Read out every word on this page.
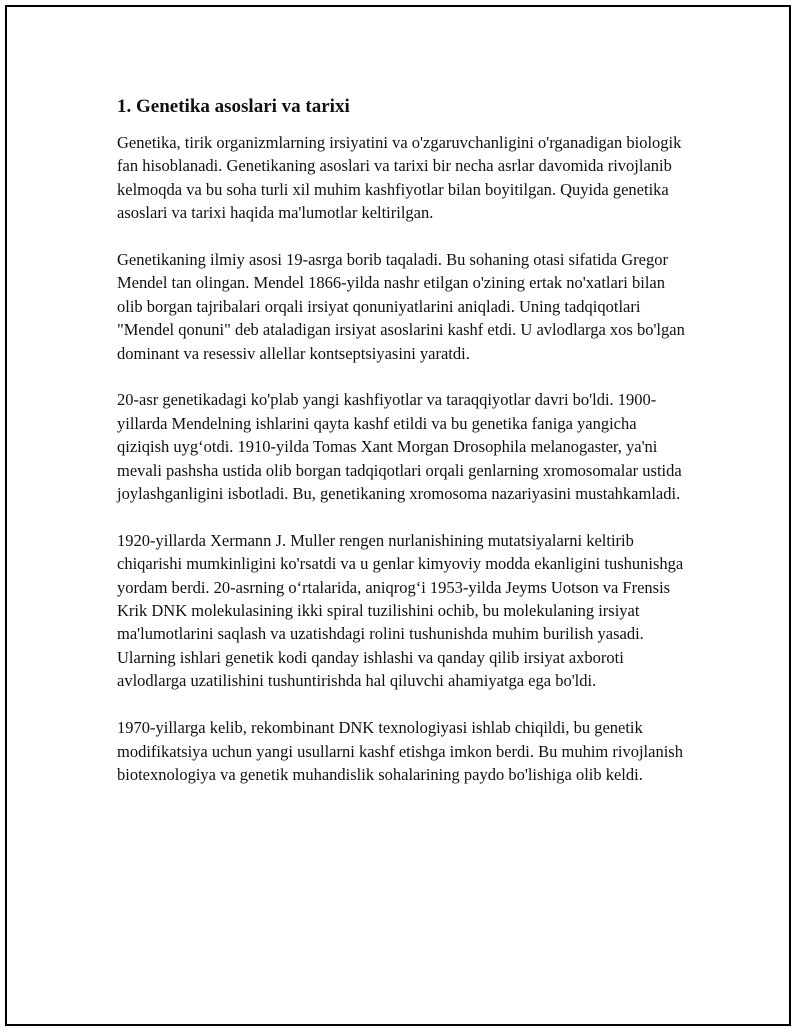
1. Genetika asoslari va tarixi

Genetika, tirik organizmlarning irsiyatini va o'zgaruvchanligini o'rganadigan biologik fan hisoblanadi. Genetikaning asoslari va tarixi bir necha asrlar davomida rivojlanib kelmoqda va bu soha turli xil muhim kashfiyotlar bilan boyitilgan. Quyida genetika asoslari va tarixi haqida ma'lumotlar keltirilgan.

Genetikaning ilmiy asosi 19-asrga borib taqaladi. Bu sohaning otasi sifatida Gregor Mendel tan olingan. Mendel 1866-yilda nashr etilgan o'zining ertak no'xatlari bilan olib borgan tajribalari orqali irsiyat qonuniyatlarini aniqladi. Uning tadqiqotlari "Mendel qonuni" deb ataladigan irsiyat asoslarini kashf etdi. U avlodlarga xos bo'lgan dominant va resessiv allellar kontseptsiyasini yaratdi.

20-asr genetikadagi ko'plab yangi kashfiyotlar va taraqqiyotlar davri bo'ldi. 1900-yillarda Mendelning ishlarini qayta kashf etildi va bu genetika faniga yangicha qiziqish uyg‘otdi. 1910-yilda Tomas Xant Morgan Drosophila melanogaster, ya'ni mevali pashsha ustida olib borgan tadqiqotlari orqali genlarning xromosomalar ustida joylashganligini isbotladi. Bu, genetikaning xromosoma nazariyasini mustahkamladi.

1920-yillarda Xermann J. Muller rengen nurlanishining mutatsiyalarni keltirib chiqarishi mumkinligini ko'rsatdi va u genlar kimyoviy modda ekanligini tushunishga yordam berdi. 20-asrning o‘rtalarida, aniqrog‘i 1953-yilda Jeyms Uotson va Frensis Krik DNK molekulasining ikki spiral tuzilishini ochib, bu molekulaning irsiyat ma'lumotlarini saqlash va uzatishdagi rolini tushunishda muhim burilish yasadi. Ularning ishlari genetik kodi qanday ishlashi va qanday qilib irsiyat axboroti avlodlarga uzatilishini tushuntirishda hal qiluvchi ahamiyatga ega bo'ldi.

1970-yillarga kelib, rekombinant DNK texnologiyasi ishlab chiqildi, bu genetik modifikatsiya uchun yangi usullarni kashf etishga imkon berdi. Bu muhim rivojlanish biotexnologiya va genetik muhandislik sohalarining paydo bo'lishiga olib keldi.
